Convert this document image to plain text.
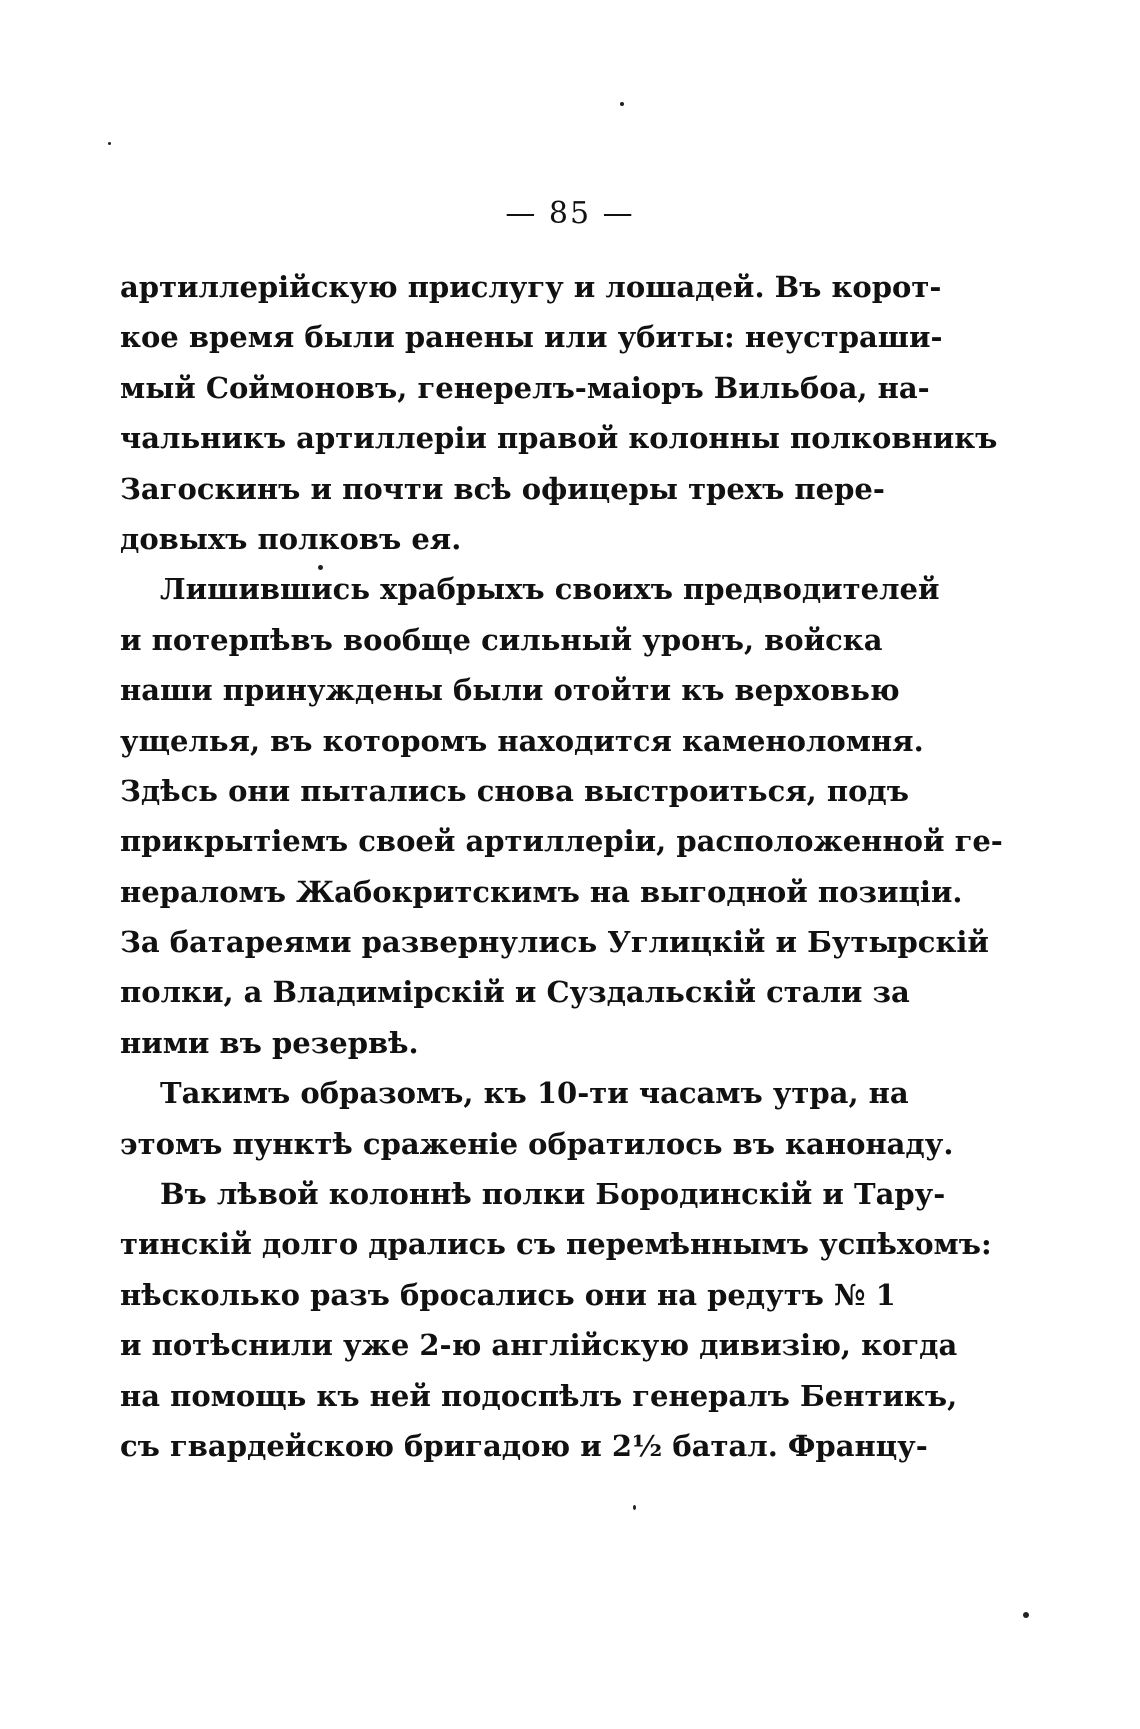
— 85 —
артиллерійскую прислугу и лошадей. Въ корот-
кое время были ранены или убиты: неустраши-
мый Соймоновъ, генерелъ-маіоръ Вильбоа, на-
чальникъ артиллеріи правой колонны полковникъ
Загоскинъ и почти всѣ офицеры трехъ пере-
довыхъ полковъ ея.
Лишившись храбрыхъ своихъ предводителей
и потерпѣвъ вообще сильный уронъ, войска
наши принуждены были отойти къ верховью
ущелья, въ которомъ находится каменоломня.
Здѣсь они пытались снова выстроиться, подъ
прикрытіемъ своей артиллеріи, расположенной ге-
нераломъ Жабокритскимъ на выгодной позиціи.
За батареями развернулись Углицкій и Бутырскій
полки, а Владимірскій и Суздальскій стали за
ними въ резервѣ.
Такимъ образомъ, къ 10-ти часамъ утра, на
этомъ пунктѣ сраженіе обратилось въ канонаду.
Въ лѣвой колоннѣ полки Бородинскій и Тару-
тинскій долго дрались съ перемѣннымъ успѣхомъ:
нѣсколько разъ бросались они на редутъ № 1
и потѣснили уже 2-ю англійскую дивизію, когда
на помощь къ ней подоспѣлъ генералъ Бентикъ,
съ гвардейскою бригадою и 2½ батал. Францу-
